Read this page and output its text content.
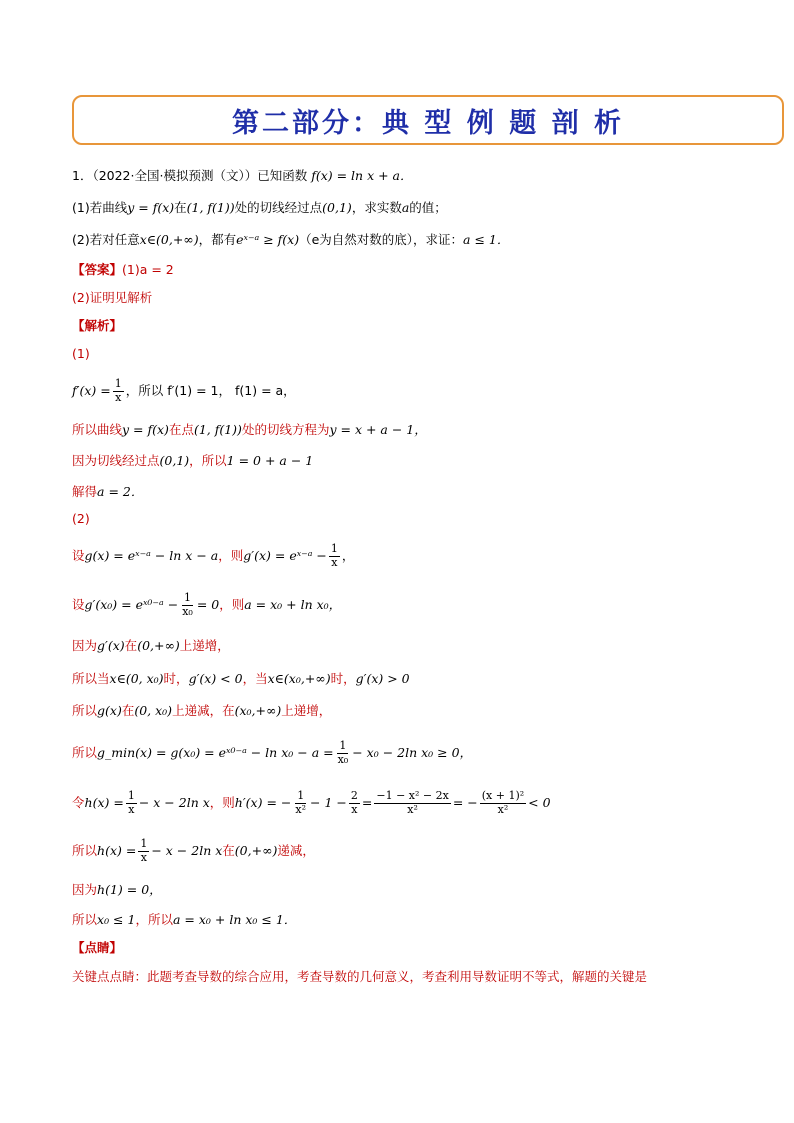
第二部分：典 型 例 题 剖 析
1．（2022·全国·模拟预测（文））已知函数 f(x) = ln x + a．
(1)若曲线y = f(x)在(1, f(1))处的切线经过点(0,1)，求实数a的值；
(2)若对任意x∈(0,+∞)，都有eˣ⁻ᵃ ≥ f(x)（e为自然对数的底），求证：a ≤ 1．
【答案】(1)a = 2
(2)证明见解析
【解析】
(1)
$f'(x) = \frac{1}{x}$ ，所以 f′(1) = 1， f(1) = a，
所以曲线y = f(x)在点(1, f(1))处的切线方程为y = x + a − 1，
因为切线经过点(0,1)，所以1 = 0 + a − 1
解得a = 2．
(2)
设 g(x) = eˣ⁻ᵃ − ln x − a ，则 g′(x) = eˣ⁻ᵃ − $\frac{1}{x}$ ，
设 g′(x₀) = eˣ⁰⁻ᵃ − $\frac{1}{\text{x₀}} = 0$ ，则 a = x₀ + ln x₀，
因为g′(x)在(0,+∞)上递增，
所以当x∈(0, x₀)时，g′(x) < 0，当x∈(x₀,+∞)时，g′(x) > 0
所以g(x)在(0, x₀)上递减，在(x₀,+∞)上递增，
所以 g_min(x) = g(x₀) = eˣ⁰⁻ᵃ − $\ln x_0 - a = \frac{1}{\text{x₀}} - x_0 - 2\ln$ x₀ ≥ 0，
令 $h(x) = \frac{1}{x} - x - 2\ln$ x ，则 h′(x) = − $\frac{1}{\text{x²}} - 1 - \frac{2}{x} = \frac{\text{−1 − x² − 2x}}{\text{x²}}$ = − $\frac{\text{(x + 1)²}}{\text{x²}} < 0$
所以 $h(x) = \frac{1}{x} - x - 2\ln$ x 在 (0,+∞) 递减，
因为h(1) = 0，
所以x₀ ≤ 1，所以a = x₀ + ln x₀ ≤ 1．
【点睛】
关键点点睛：此题考查导数的综合应用，考查导数的几何意义，考查利用导数证明不等式，解题的关键是
